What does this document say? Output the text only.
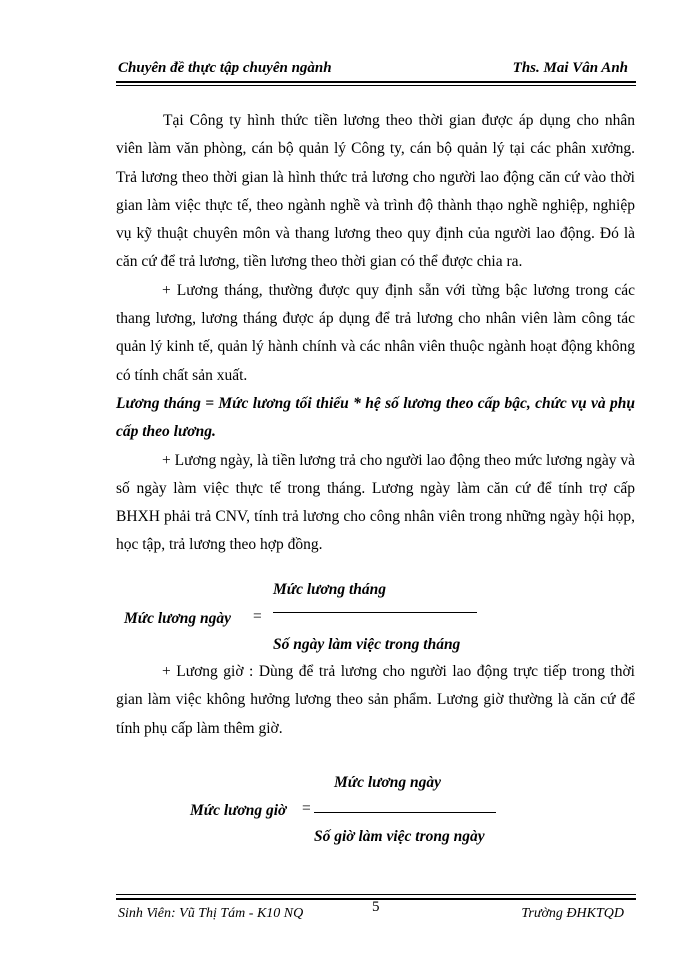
Chuyên đề thực tập chuyên ngành	Ths. Mai Vân Anh

Tại Công ty hình thức tiền lương theo thời gian được áp dụng cho nhân viên làm văn phòng, cán bộ quản lý Công ty, cán bộ quản lý tại các phân xưởng. Trả lương theo thời gian là hình thức trả lương cho người lao động căn cứ vào thời gian làm việc thực tế, theo ngành nghề và trình độ thành thạo nghề nghiệp, nghiệp vụ kỹ thuật chuyên môn và thang lương theo quy định của người lao động. Đó là căn cứ để trả lương, tiền lương theo thời gian có thể được chia ra.

+ Lương tháng, thường được quy định sẵn với từng bậc lương trong các thang lương, lương tháng được áp dụng để trả lương cho nhân viên làm công tác quản lý kinh tế, quản lý hành chính và các nhân viên thuộc ngành hoạt động không có tính chất sản xuất.

Lương tháng = Mức lương tối thiểu * hệ số lương theo cấp bậc, chức vụ và phụ cấp theo lương.

+ Lương ngày, là tiền lương trả cho người lao động theo mức lương ngày và số ngày làm việc thực tế trong tháng. Lương ngày làm căn cứ để tính trợ cấp BHXH phải trả CNV, tính trả lương cho công nhân viên trong những ngày hội họp, học tập, trả lương theo hợp đồng.

Mức lương tháng
Mức lương ngày =
Số ngày làm việc trong tháng

+ Lương giờ : Dùng để trả lương cho người lao động trực tiếp trong thời gian làm việc không hưởng lương theo sản phẩm. Lương giờ thường là căn cứ để tính phụ cấp làm thêm giờ.

Mức lương ngày
Mức lương giờ =
Số giờ làm việc trong ngày
Sinh Viên: Vũ Thị Tám - K10 NQ	5	Trường ĐHKTQD
